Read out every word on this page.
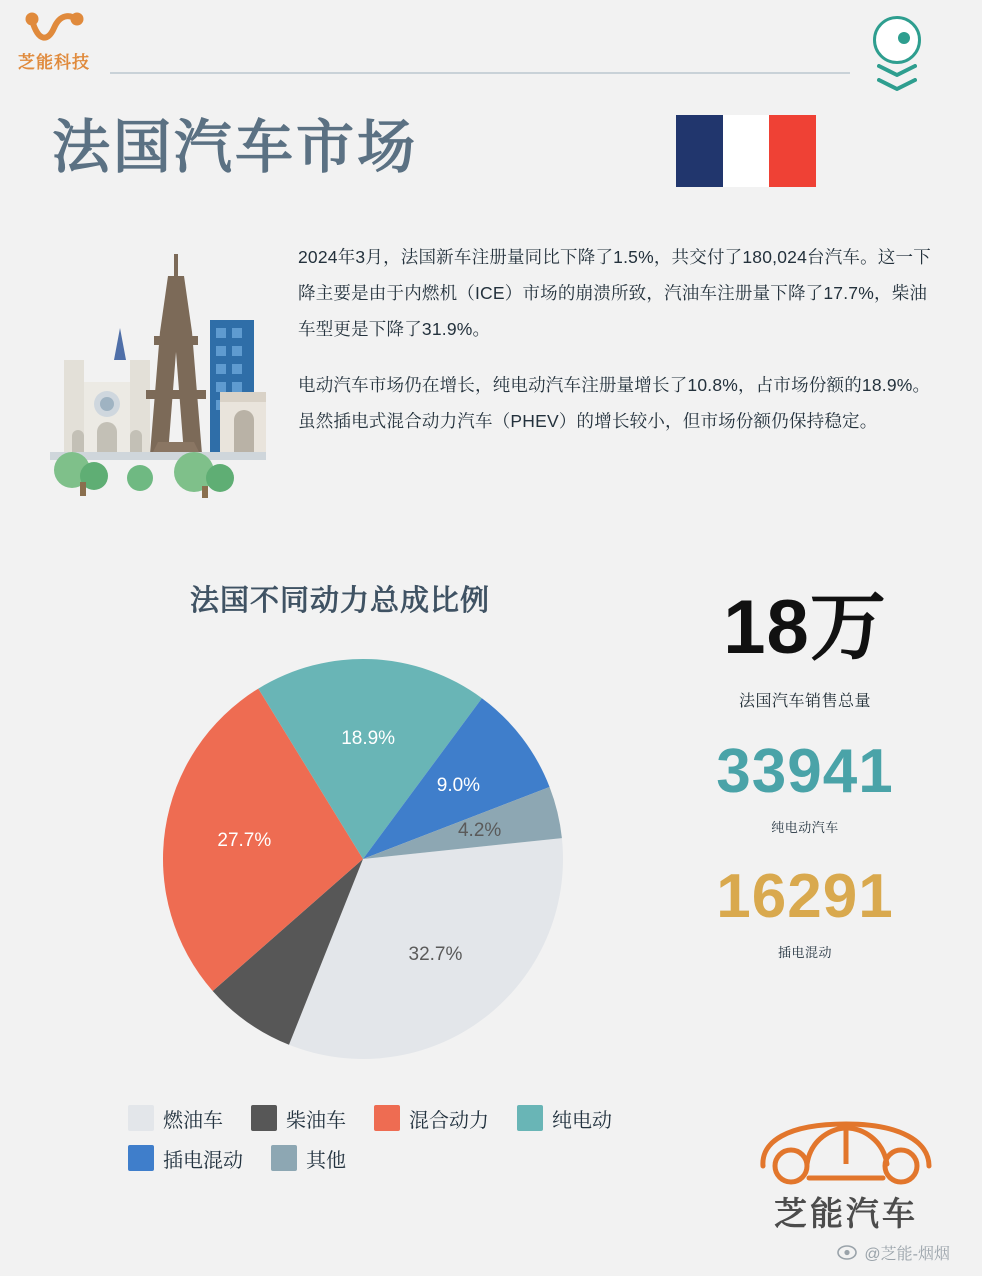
芝能科技
法国汽车市场

2024年3月，法国新车注册量同比下降了1.5%，共交付了180,024台汽车。这一下降主要是由于内燃机（ICE）市场的崩溃所致，汽油车注册量下降了17.7%，柴油车型更是下降了31.9%。

电动汽车市场仍在增长，纯电动汽车注册量增长了10.8%，占市场份额的18.9%。虽然插电式混合动力汽车（PHEV）的增长较小，但市场份额仍保持稳定。

法国不同动力总成比例
32.7%
27.7%
18.9%
9.0%
4.2%
燃油车	柴油车	混合动力	纯电动
插电混动	其他
18万
法国汽车销售总量
33941
纯电动汽车
16291
插电混动
芝能汽车
@芝能-烟烟
